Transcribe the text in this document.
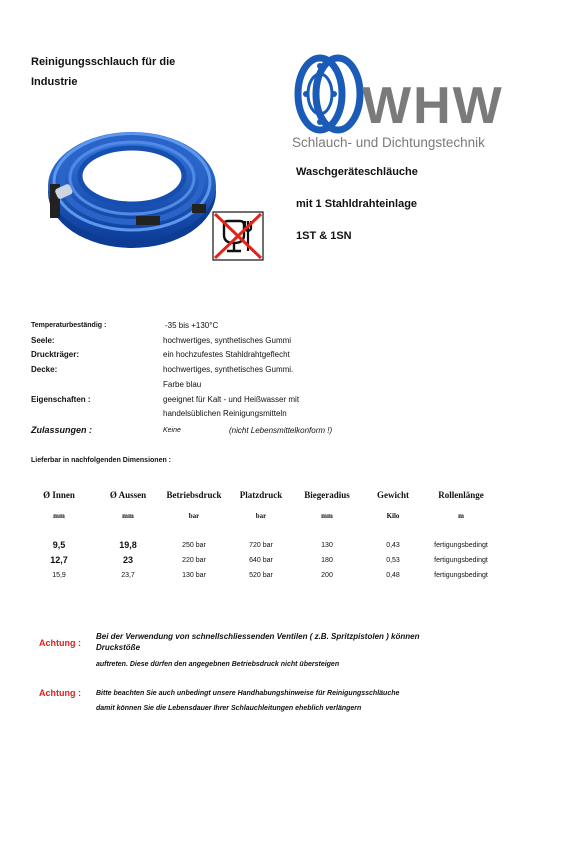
Reinigungsschlauch für die
Industrie	WHW
Schlauch- und Dichtungstechnik
Waschgeräteschläuche
mit 1 Stahldrahteinlage
1ST & 1SN
Temperaturbeständig :	-35 bis +130°C
Seele:	hochwertiges, synthetisches Gummi
Druckträger:	ein hochzufestes Stahldrahtgeflecht
Decke:	hochwertiges, synthetisches Gummi.
Farbe blau
Eigenschaften :	geeignet für Kalt - und Heißwasser mit
handelsüblichen Reinigungsmitteln
Zulassungen :	Keine	(nicht Lebensmittelkonform !)
Lieferbar in nachfolgenden Dimensionen :
Ø Innen	Ø Aussen	Betriebsdruck	Platzdruck	Biegeradius	Gewicht	Rollenlänge
mm	mm	bar	bar	mm	Kilo	m
9,5	19,8	250 bar	720 bar	130	0,43	fertigungsbedingt
12,7	23	220 bar	640 bar	180	0,53	fertigungsbedingt
15,9	23,7	130 bar	520 bar	200	0,48	fertigungsbedingt
Achtung :
Bei der Verwendung von schnellschliessenden Ventilen ( z.B. Spritzpistolen ) können
Druckstöße
auftreten. Diese dürfen den angegebnen Betriebsdruck nicht übersteigen
Achtung : Bitte beachten Sie auch unbedingt unsere Handhabungshinweise für Reinigungsschläuche
damit können Sie die Lebensdauer Ihrer Schlauchleitungen eheblich verlängern
